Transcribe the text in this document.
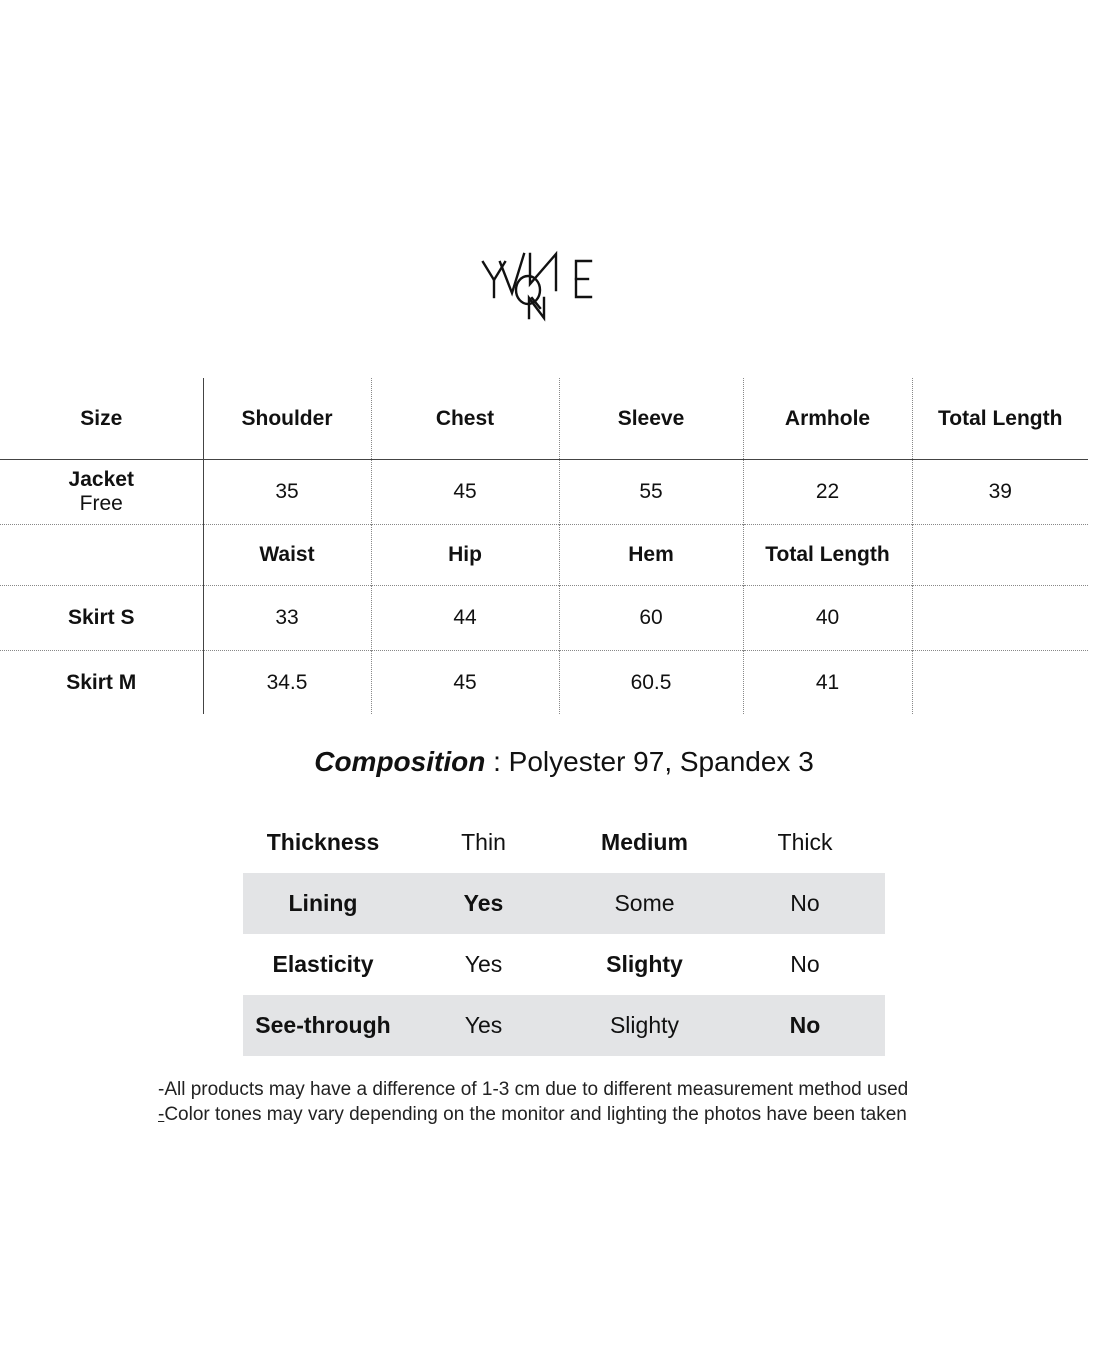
Size	Shoulder	Chest	Sleeve	Armhole	Total Length
Jacket
Free	35	45	55	22	39
	Waist	Hip	Hem	Total Length	
Skirt S	33	44	60	40	
Skirt M	34.5	45	60.5	41	
Composition : Polyester 97, Spandex 3
Thickness	Thin	Medium	Thick
Lining	Yes	Some	No
Elasticity	Yes	Slighty	No
See-through	Yes	Slighty	No
-All products may have a difference of 1-3 cm due to different measurement method used
-Color tones may vary depending on the monitor and lighting the photos have been taken
